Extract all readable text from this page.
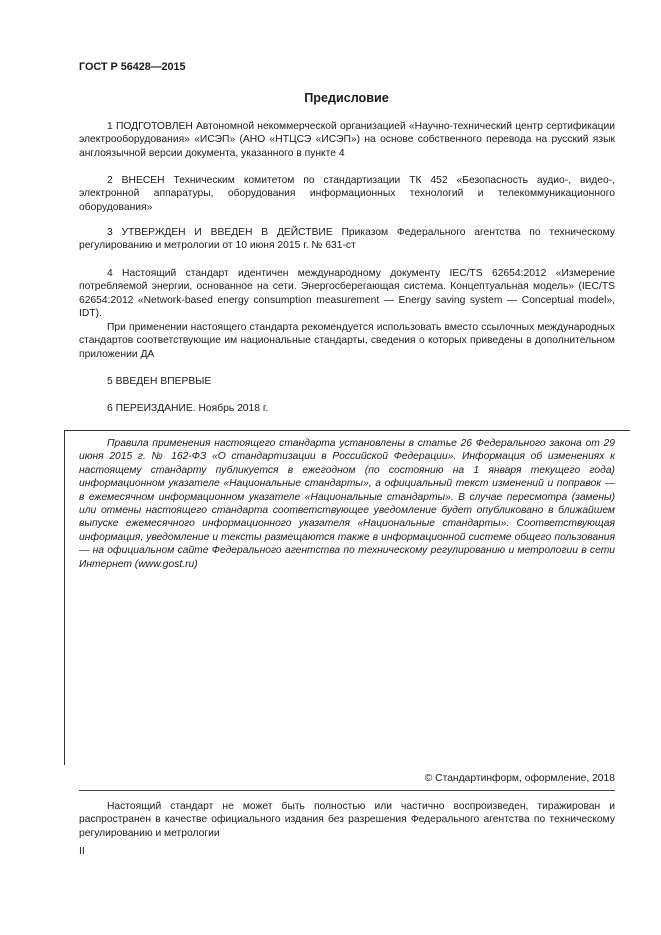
ГОСТ Р 56428—2015
Предисловие

1 ПОДГОТОВЛЕН Автономной некоммерческой организацией «Научно-технический центр сертификации электрооборудования» «ИСЭП» (АНО «НТЦСЭ «ИСЭП») на основе собственного перевода на русский язык англоязычной версии документа, указанного в пункте 4

2 ВНЕСЕН Техническим комитетом по стандартизации ТК 452 «Безопасность аудио-, видео-, электронной аппаратуры, оборудования информационных технологий и телекоммуникационного оборудования»

3 УТВЕРЖДЕН И ВВЕДЕН В ДЕЙСТВИЕ Приказом Федерального агентства по техническому регулированию и метрологии от 10 июня 2015 г. № 631-ст

4 Настоящий стандарт идентичен международному документу IEC/TS 62654:2012 «Измерение потребляемой энергии, основанное на сети. Энергосберегающая система. Концептуальная модель» (IEC/TS 62654:2012 «Network-based energy consumption measurement — Energy saving system — Conceptual model», IDT).

При применении настоящего стандарта рекомендуется использовать вместо ссылочных международных стандартов соответствующие им национальные стандарты, сведения о которых приведены в дополнительном приложении ДА

5 ВВЕДЕН ВПЕРВЫЕ

6 ПЕРЕИЗДАНИЕ. Ноябрь 2018 г.

Правила применения настоящего стандарта установлены в статье 26 Федерального закона от 29 июня 2015 г. № 162-ФЗ «О стандартизации в Российской Федерации». Информация об изменениях к настоящему стандарту публикуется в ежегодном (по состоянию на 1 января текущего года) информационном указателе «Национальные стандарты», а официальный текст изменений и поправок — в ежемесячном информационном указателе «Национальные стандарты». В случае пересмотра (замены) или отмены настоящего стандарта соответствующее уведомление будет опубликовано в ближайшем выпуске ежемесячного информационного указателя «Национальные стандарты». Соответствующая информация, уведомление и тексты размещаются также в информационной системе общего пользования — на официальном сайте Федерального агентства по техническому регулированию и метрологии в сети Интернет (www.gost.ru)

© Стандартинформ, оформление, 2018

Настоящий стандарт не может быть полностью или частично воспроизведен, тиражирован и распространен в качестве официального издания без разрешения Федерального агентства по техническому регулированию и метрологии

II
